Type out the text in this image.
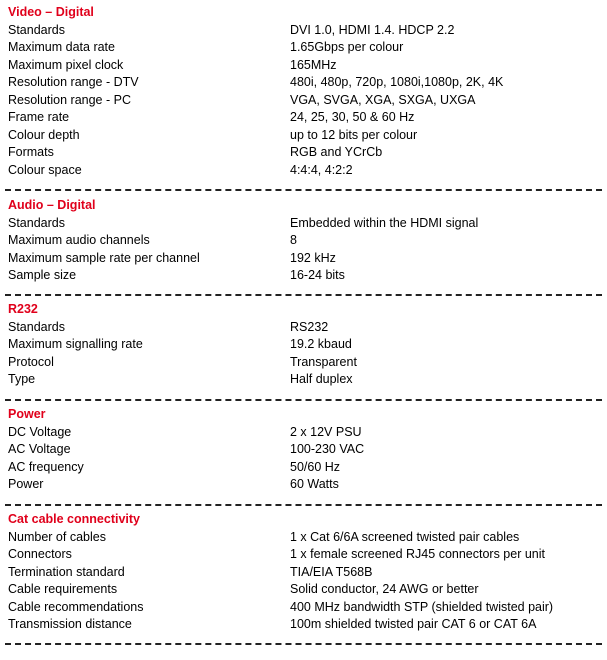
Video – Digital
Standards	DVI 1.0, HDMI 1.4. HDCP 2.2
Maximum data rate	1.65Gbps per colour
Maximum pixel clock	165MHz
Resolution range - DTV	480i, 480p, 720p, 1080i,1080p, 2K, 4K
Resolution range - PC	VGA, SVGA, XGA, SXGA, UXGA
Frame rate	24, 25, 30, 50 & 60 Hz
Colour depth	up to 12 bits per colour
Formats	RGB and YCrCb
Colour space	4:4:4, 4:2:2
Audio – Digital
Standards	Embedded within the HDMI signal
Maximum audio channels	8
Maximum sample rate per channel	192 kHz
Sample size	16-24 bits
R232
Standards	RS232
Maximum signalling rate	19.2 kbaud
Protocol	Transparent
Type	Half duplex
Power
DC Voltage	2 x 12V PSU
AC Voltage	100-230 VAC
AC frequency	50/60 Hz
Power	60 Watts
Cat cable connectivity
Number of cables	1 x Cat 6/6A screened twisted pair cables
Connectors	1 x female screened RJ45 connectors per unit
Termination standard	TIA/EIA T568B
Cable requirements	Solid conductor, 24 AWG or better
Cable recommendations	400 MHz bandwidth STP (shielded twisted pair)
Transmission distance	100m shielded twisted pair CAT 6 or CAT 6A
